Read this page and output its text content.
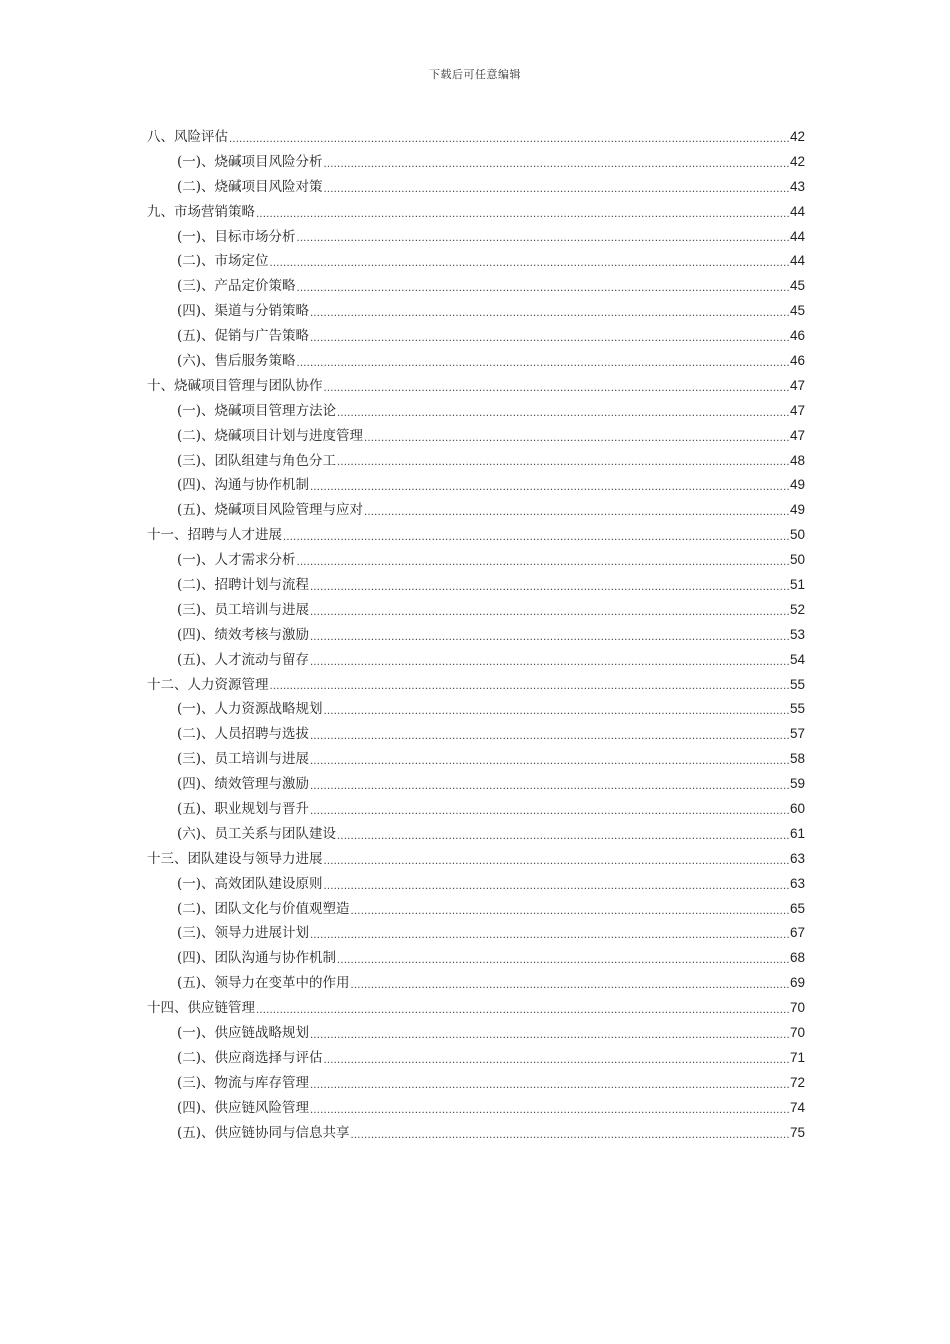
下载后可任意编辑
八、风险评估 .....	42
(一)、烧碱项目风险分析 .....	42
(二)、烧碱项目风险对策 .....	43
九、市场营销策略 .....	44
(一)、目标市场分析 .....	44
(二)、市场定位 .....	44
(三)、产品定价策略 .....	45
(四)、渠道与分销策略 .....	45
(五)、促销与广告策略 .....	46
(六)、售后服务策略 .....	46
十、烧碱项目管理与团队协作 .....	47
(一)、烧碱项目管理方法论 .....	47
(二)、烧碱项目计划与进度管理 .....	47
(三)、团队组建与角色分工 .....	48
(四)、沟通与协作机制 .....	49
(五)、烧碱项目风险管理与应对 .....	49
十一、招聘与人才进展 .....	50
(一)、人才需求分析 .....	50
(二)、招聘计划与流程 .....	51
(三)、员工培训与进展 .....	52
(四)、绩效考核与激励 .....	53
(五)、人才流动与留存 .....	54
十二、人力资源管理 .....	55
(一)、人力资源战略规划 .....	55
(二)、人员招聘与选拔 .....	57
(三)、员工培训与进展 .....	58
(四)、绩效管理与激励 .....	59
(五)、职业规划与晋升 .....	60
(六)、员工关系与团队建设 .....	61
十三、团队建设与领导力进展 .....	63
(一)、高效团队建设原则 .....	63
(二)、团队文化与价值观塑造 .....	65
(三)、领导力进展计划 .....	67
(四)、团队沟通与协作机制 .....	68
(五)、领导力在变革中的作用 .....	69
十四、供应链管理 .....	70
(一)、供应链战略规划 .....	70
(二)、供应商选择与评估 .....	71
(三)、物流与库存管理 .....	72
(四)、供应链风险管理 .....	74
(五)、供应链协同与信息共享 .....	75
